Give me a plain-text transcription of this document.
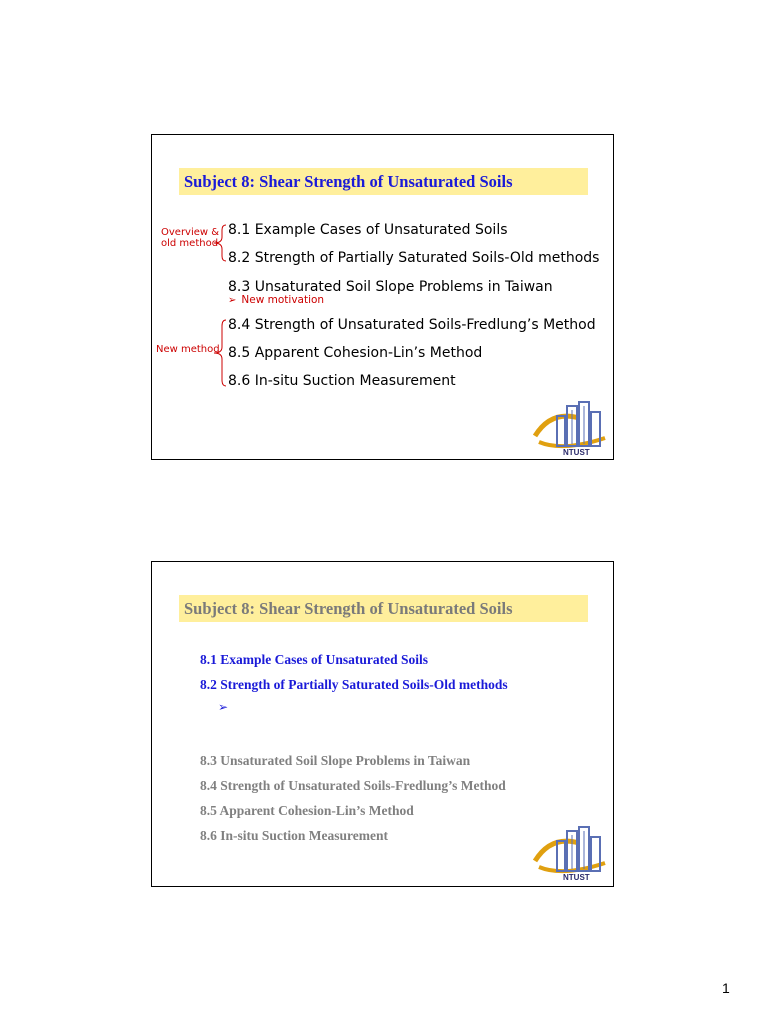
Subject 8: Shear Strength of Unsaturated Soils
Overview &
old method
8.1 Example Cases of Unsaturated Soils
8.2 Strength of Partially Saturated Soils-Old methods
8.3 Unsaturated Soil Slope Problems in Taiwan
➢ New motivation
8.4 Strength of Unsaturated Soils-Fredlung’s Method
8.5 Apparent Cohesion-Lin’s Method
8.6 In-situ Suction Measurement
New method
NTUST
Subject 8: Shear Strength of Unsaturated Soils
8.1 Example Cases of Unsaturated Soils
8.2 Strength of Partially Saturated Soils-Old methods
➢
8.3 Unsaturated Soil Slope Problems in Taiwan
8.4 Strength of Unsaturated Soils-Fredlung’s Method
8.5 Apparent Cohesion-Lin’s Method
8.6 In-situ Suction Measurement
NTUST
1
